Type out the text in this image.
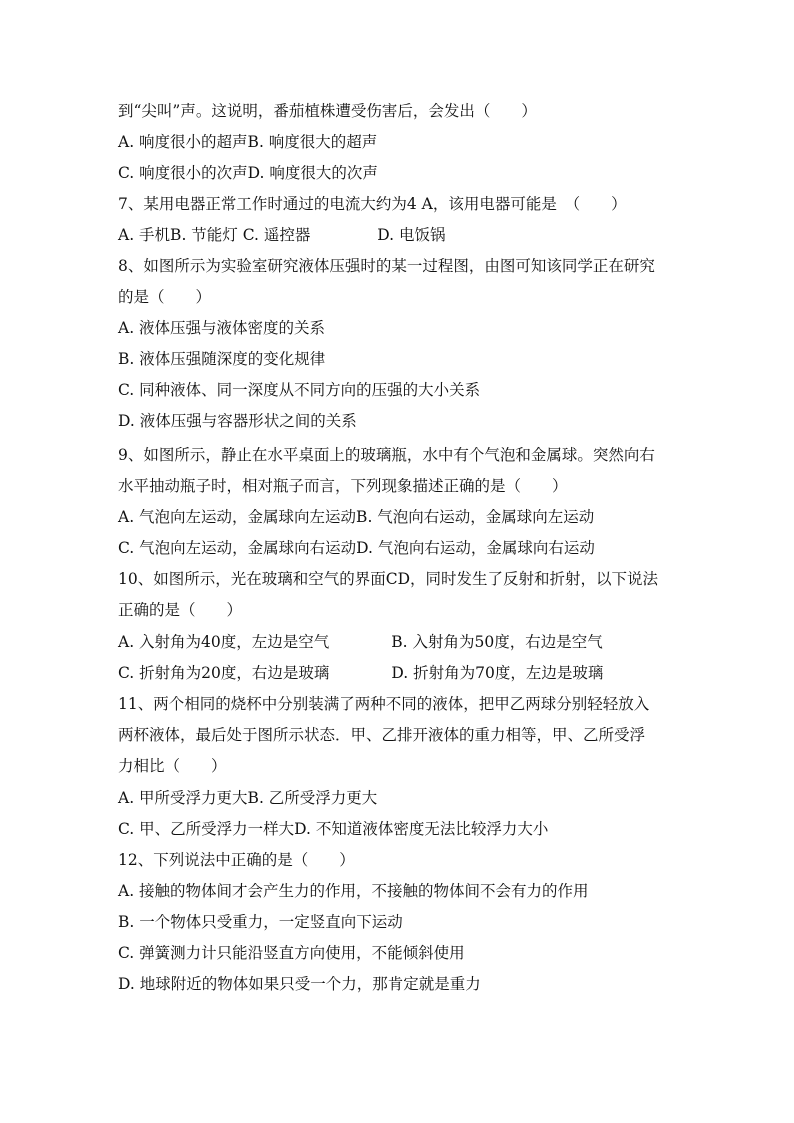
到“尖叫”声。这说明，番茄植株遭受伤害后，会发出（　　）
A. 响度很小的超声B. 响度很大的超声
C. 响度很小的次声D. 响度很大的次声
7、某用电器正常工作时通过的电流大约为4 A，该用电器可能是　（　　）
A. 手机B. 节能灯 C. 遥控器　　　　 D. 电饭锅
8、如图所示为实验室研究液体压强时的某一过程图，由图可知该同学正在研究
的是（　　）
A. 液体压强与液体密度的关系
B. 液体压强随深度的变化规律
C. 同种液体、同一深度从不同方向的压强的大小关系
D. 液体压强与容器形状之间的关系
9、如图所示，静止在水平桌面上的玻璃瓶，水中有个气泡和金属球。突然向右
水平抽动瓶子时，相对瓶子而言，下列现象描述正确的是（　　）
A. 气泡向左运动，金属球向左运动B. 气泡向右运动，金属球向左运动
C. 气泡向左运动，金属球向右运动D. 气泡向右运动，金属球向右运动
10、如图所示，光在玻璃和空气的界面CD，同时发生了反射和折射，以下说法
正确的是（　　）
A. 入射角为40度，左边是空气　　　　B. 入射角为50度，右边是空气
C. 折射角为20度，右边是玻璃　　　　D. 折射角为70度，左边是玻璃
11、两个相同的烧杯中分别装满了两种不同的液体，把甲乙两球分别轻轻放入
两杯液体，最后处于图所示状态．甲、乙排开液体的重力相等，甲、乙所受浮
力相比（　　）
A. 甲所受浮力更大B. 乙所受浮力更大
C. 甲、乙所受浮力一样大D. 不知道液体密度无法比较浮力大小
12、下列说法中正确的是（　　）
A. 接触的物体间才会产生力的作用，不接触的物体间不会有力的作用
B. 一个物体只受重力，一定竖直向下运动
C. 弹簧测力计只能沿竖直方向使用，不能倾斜使用
D. 地球附近的物体如果只受一个力，那肯定就是重力
